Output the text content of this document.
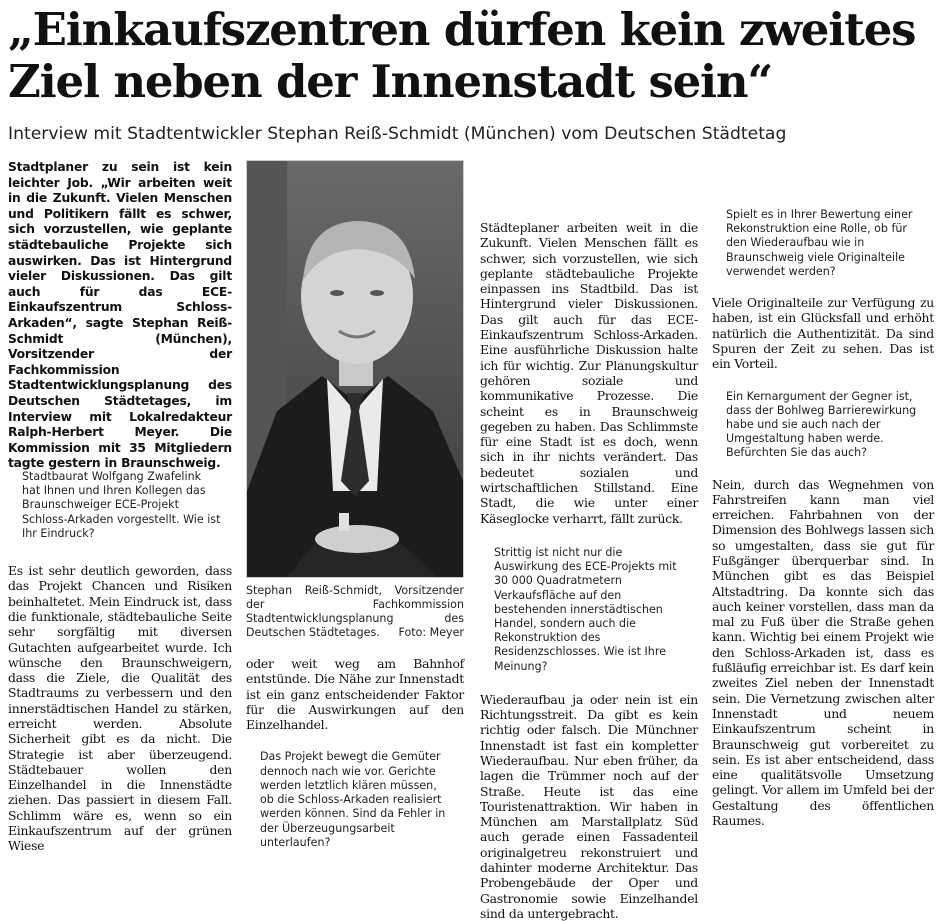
„Einkaufszentren dürfen kein zweites Ziel neben der Innenstadt sein“

Interview mit Stadtentwickler Stephan Reiß-Schmidt (München) vom Deutschen Städtetag

Stadtplaner zu sein ist kein leichter Job. „Wir arbeiten weit in die Zukunft. Vielen Menschen und Politikern fällt es schwer, sich vorzustellen, wie geplante städtebauliche Projekte sich auswirken. Das ist Hintergrund vieler Diskussionen. Das gilt auch für das ECE-Einkaufszentrum Schloss-Arkaden“, sagte Stephan Reiß-Schmidt (München), Vorsitzender der Fachkommission Stadtentwicklungsplanung des Deutschen Städtetages, im Interview mit Lokalredakteur Ralph-Herbert Meyer. Die Kommission mit 35 Mitgliedern tagte gestern in Braunschweig.

Stadtbaurat Wolfgang Zwafelink hat Ihnen und Ihren Kollegen das Braunschweiger ECE-Projekt Schloss-Arkaden vorgestellt. Wie ist Ihr Eindruck?

Es ist sehr deutlich geworden, dass das Projekt Chancen und Risiken beinhaltetet. Mein Eindruck ist, dass die funktionale, städtebauliche Seite sehr sorgfältig mit diversen Gutachten aufgearbeitet wurde. Ich wünsche den Braunschweigern, dass die Ziele, die Qualität des Stadtraums zu verbessern und den innerstädtischen Handel zu stärken, erreicht werden. Absolute Sicherheit gibt es da nicht. Die Strategie ist aber überzeugend. Städtebauer wollen den Einzelhandel in die Innenstädte ziehen. Das passiert in diesem Fall. Schlimm wäre es, wenn so ein Einkaufszentrum auf der grünen Wiese

Stephan Reiß-Schmidt, Vorsitzender der Fachkommission Stadtentwicklungsplanung des Deutschen Städtetages. Foto: Meyer

oder weit weg am Bahnhof entstünde. Die Nähe zur Innenstadt ist ein ganz entscheidender Faktor für die Auswirkungen auf den Einzelhandel.

Das Projekt bewegt die Gemüter dennoch nach wie vor. Gerichte werden letztlich klären müssen, ob die Schloss-Arkaden realisiert werden können. Sind da Fehler in der Überzeugungsarbeit unterlaufen?

Städteplaner arbeiten weit in die Zukunft. Vielen Menschen fällt es schwer, sich vorzustellen, wie sich geplante städtebauliche Projekte einpassen ins Stadtbild. Das ist Hintergrund vieler Diskussionen. Das gilt auch für das ECE-Einkaufszentrum Schloss-Arkaden. Eine ausführliche Diskussion halte ich für wichtig. Zur Planungskultur gehören soziale und kommunikative Prozesse. Die scheint es in Braunschweig gegeben zu haben. Das Schlimmste für eine Stadt ist es doch, wenn sich in ihr nichts verändert. Das bedeutet sozialen und wirtschaftlichen Stillstand. Eine Stadt, die wie unter einer Käseglocke verharrt, fällt zurück.

Strittig ist nicht nur die Auswirkung des ECE-Projekts mit 30 000 Quadratmetern Verkaufsfläche auf den bestehenden innerstädtischen Handel, sondern auch die Rekonstruktion des Residenzschlosses. Wie ist Ihre Meinung?

Wiederaufbau ja oder nein ist ein Richtungsstreit. Da gibt es kein richtig oder falsch. Die Münchner Innenstadt ist fast ein kompletter Wiederaufbau. Nur eben früher, da lagen die Trümmer noch auf der Straße. Heute ist das eine Touristenattraktion. Wir haben in München am Marstallplatz Süd auch gerade einen Fassadenteil originalgetreu rekonstruiert und dahinter moderne Architektur. Das Probengebäude der Oper und Gastronomie sowie Einzelhandel sind da untergebracht.

Spielt es in Ihrer Bewertung einer Rekonstruktion eine Rolle, ob für den Wiederaufbau wie in Braunschweig viele Originalteile verwendet werden?

Viele Originalteile zur Verfügung zu haben, ist ein Glücksfall und erhöht natürlich die Authentizität. Da sind Spuren der Zeit zu sehen. Das ist ein Vorteil.

Ein Kernargument der Gegner ist, dass der Bohlweg Barrierewirkung habe und sie auch nach der Umgestaltung haben werde. Befürchten Sie das auch?

Nein, durch das Wegnehmen von Fahrstreifen kann man viel erreichen. Fahrbahnen von der Dimension des Bohlwegs lassen sich so umgestalten, dass sie gut für Fußgänger überquerbar sind. In München gibt es das Beispiel Altstadtring. Da konnte sich das auch keiner vorstellen, dass man da mal zu Fuß über die Straße gehen kann. Wichtig bei einem Projekt wie den Schloss-Arkaden ist, dass es fußläufig erreichbar ist. Es darf kein zweites Ziel neben der Innenstadt sein. Die Vernetzung zwischen alter Innenstadt und neuem Einkaufszentrum scheint in Braunschweig gut vorbereitet zu sein. Es ist aber entscheidend, dass eine qualitätsvolle Umsetzung gelingt. Vor allem im Umfeld bei der Gestaltung des öffentlichen Raumes.
